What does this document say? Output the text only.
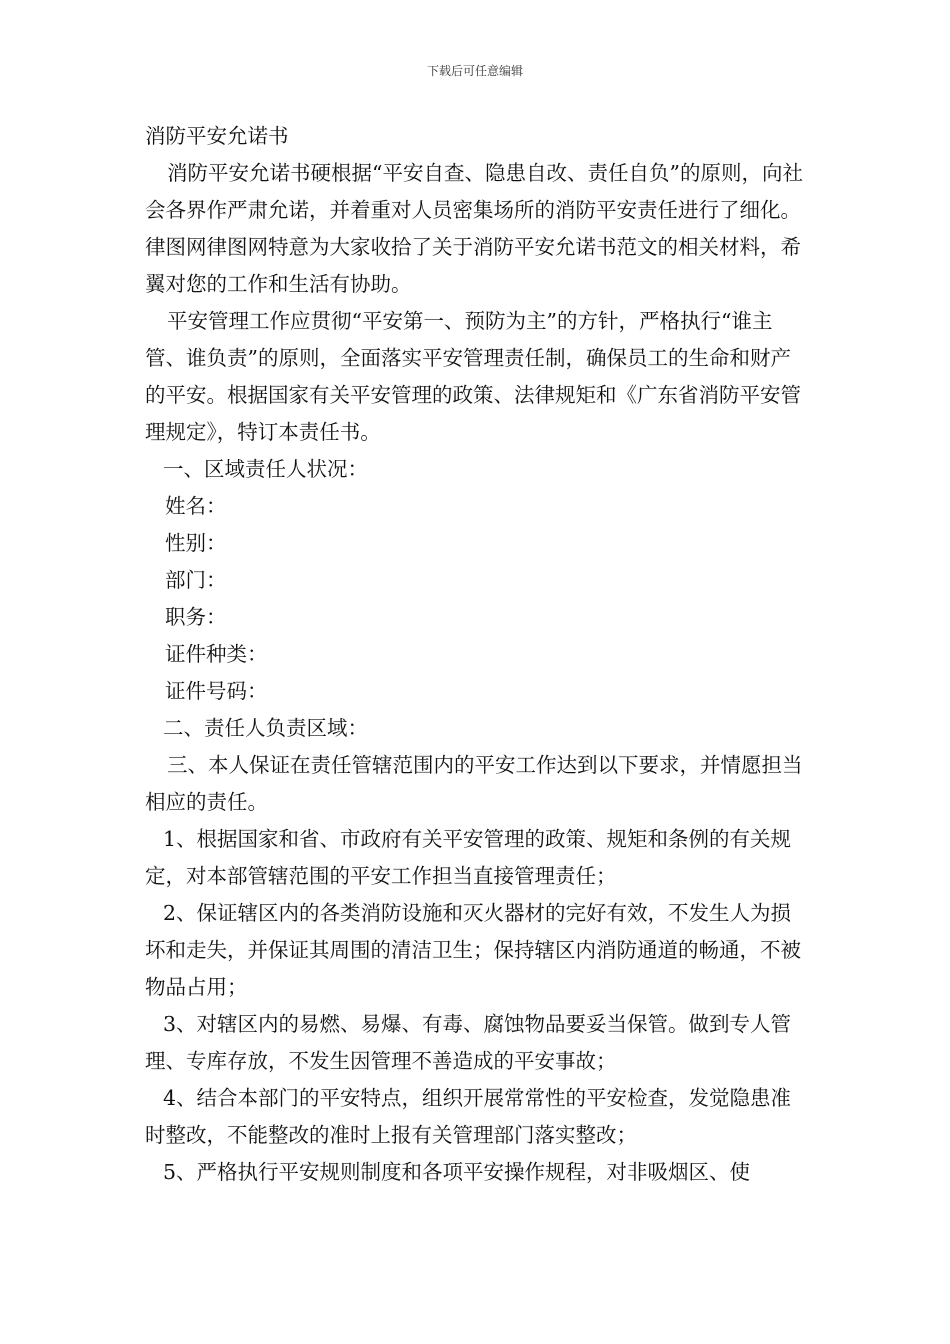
下载后可任意编辑

消防平安允诺书

消防平安允诺书硬根据“平安自查、隐患自改、责任自负”的原则，向社会各界作严肃允诺，并着重对人员密集场所的消防平安责任进行了细化。律图网律图网特意为大家收拾了关于消防平安允诺书范文的相关材料，希翼对您的工作和生活有协助。

平安管理工作应贯彻“平安第一、预防为主”的方针，严格执行“谁主管、谁负责”的原则，全面落实平安管理责任制，确保员工的生命和财产的平安。根据国家有关平安管理的政策、法律规矩和《广东省消防平安管理规定》，特订本责任书。

一、区域责任人状况：

姓名：

性别：

部门：

职务：

证件种类：

证件号码：

二、责任人负责区域：

三、本人保证在责任管辖范围内的平安工作达到以下要求，并情愿担当相应的责任。

1、根据国家和省、市政府有关平安管理的政策、规矩和条例的有关规定，对本部管辖范围的平安工作担当直接管理责任；

2、保证辖区内的各类消防设施和灭火器材的完好有效，不发生人为损坏和走失，并保证其周围的清洁卫生；保持辖区内消防通道的畅通，不被物品占用；

3、对辖区内的易燃、易爆、有毒、腐蚀物品要妥当保管。做到专人管理、专库存放，不发生因管理不善造成的平安事故；

4、结合本部门的平安特点，组织开展常常性的平安检查，发觉隐患准时整改，不能整改的准时上报有关管理部门落实整改；

5、严格执行平安规则制度和各项平安操作规程，对非吸烟区、使
